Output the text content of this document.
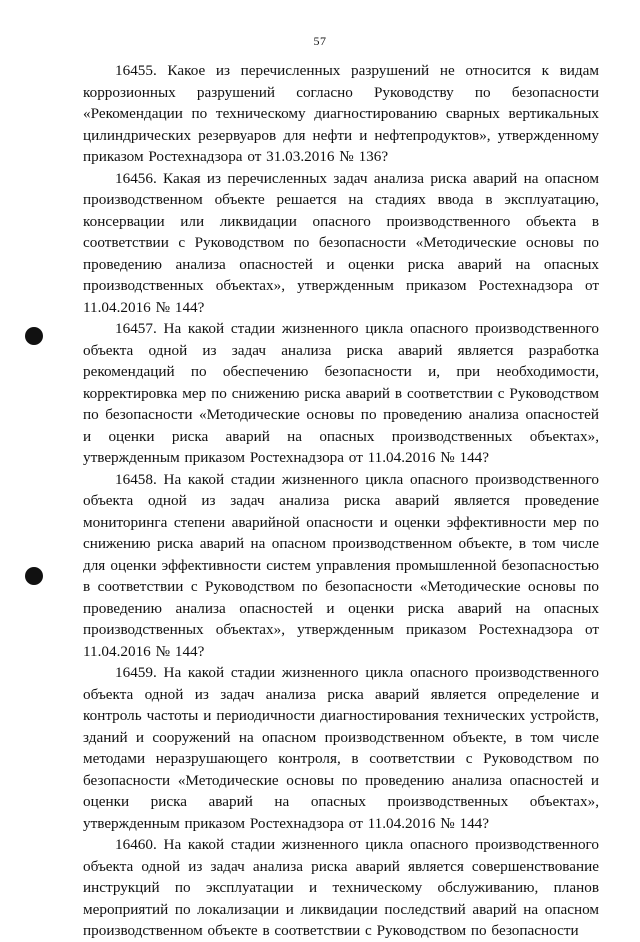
57

16455. Какое из перечисленных разрушений не относится к видам коррозионных разрушений согласно Руководству по безопасности «Рекомендации по техническому диагностированию сварных вертикальных цилиндрических резервуаров для нефти и нефтепродуктов», утвержденному приказом Ростехнадзора от 31.03.2016 № 136?

16456. Какая из перечисленных задач анализа риска аварий на опасном производственном объекте решается на стадиях ввода в эксплуатацию, консервации или ликвидации опасного производственного объекта в соответствии с Руководством по безопасности «Методические основы по проведению анализа опасностей и оценки риска аварий на опасных производственных объектах», утвержденным приказом Ростехнадзора от 11.04.2016 № 144?

16457. На какой стадии жизненного цикла опасного производственного объекта одной из задач анализа риска аварий является разработка рекомендаций по обеспечению безопасности и, при необходимости, корректировка мер по снижению риска аварий в соответствии с Руководством по безопасности «Методические основы по проведению анализа опасностей и оценки риска аварий на опасных производственных объектах», утвержденным приказом Ростехнадзора от 11.04.2016 № 144?

16458. На какой стадии жизненного цикла опасного производственного объекта одной из задач анализа риска аварий является проведение мониторинга степени аварийной опасности и оценки эффективности мер по снижению риска аварий на опасном производственном объекте, в том числе для оценки эффективности систем управления промышленной безопасностью в соответствии с Руководством по безопасности «Методические основы по проведению анализа опасностей и оценки риска аварий на опасных производственных объектах», утвержденным приказом Ростехнадзора от 11.04.2016 № 144?

16459. На какой стадии жизненного цикла опасного производственного объекта одной из задач анализа риска аварий является определение и контроль частоты и периодичности диагностирования технических устройств, зданий и сооружений на опасном производственном объекте, в том числе методами неразрушающего контроля, в соответствии с Руководством по безопасности «Методические основы по проведению анализа опасностей и оценки риска аварий на опасных производственных объектах», утвержденным приказом Ростехнадзора от 11.04.2016 № 144?

16460. На какой стадии жизненного цикла опасного производственного объекта одной из задач анализа риска аварий является совершенствование инструкций по эксплуатации и техническому обслуживанию, планов мероприятий по локализации и ликвидации последствий аварий на опасном производственном объекте в соответствии с Руководством по безопасности
